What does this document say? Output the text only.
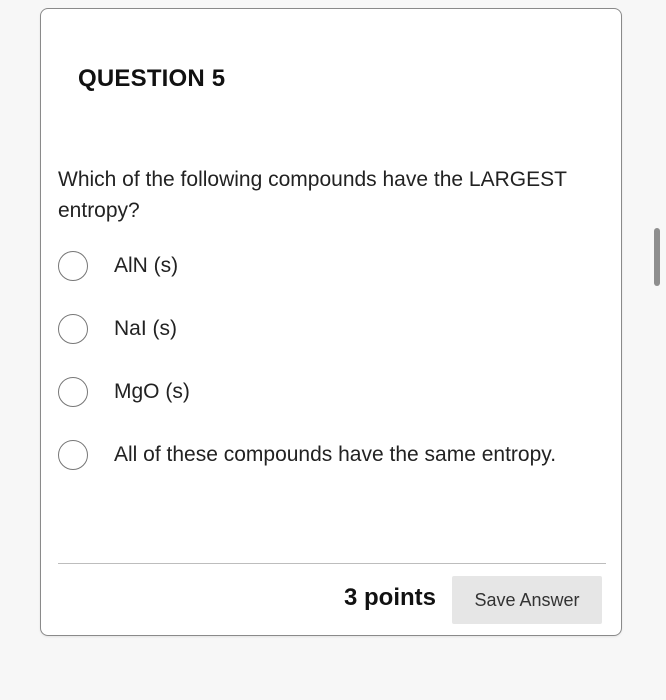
QUESTION 5
Which of the following compounds have the LARGEST entropy?
AlN (s)
NaI (s)
MgO (s)
All of these compounds have the same entropy.
3 points	Save Answer
